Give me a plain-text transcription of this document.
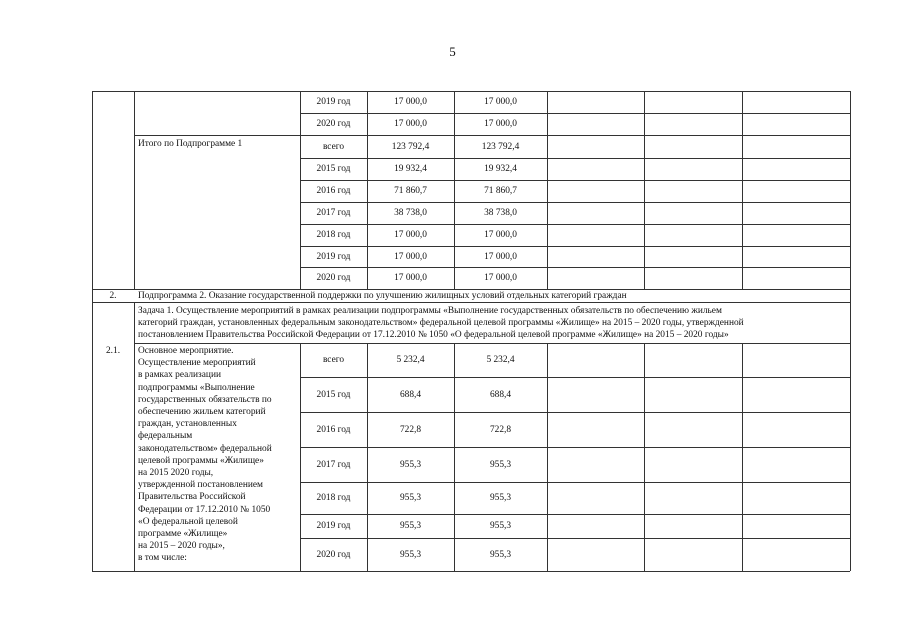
5
2019 год	17 000,0	17 000,0
2020 год	17 000,0	17 000,0
Итого по Подпрограмме 1	всего	123 792,4	123 792,4
2015 год	19 932,4	19 932,4
2016 год	71 860,7	71 860,7
2017 год	38 738,0	38 738,0
2018 год	17 000,0	17 000,0
2019 год	17 000,0	17 000,0
2020 год	17 000,0	17 000,0
2.	Подпрограмма 2. Оказание государственной поддержки по улучшению жилищных условий отдельных категорий граждан
Задача 1. Осуществление мероприятий в рамках реализации подпрограммы «Выполнение государственных обязательств по обеспечению жильем
категорий граждан, установленных федеральным законодательством» федеральной целевой программы «Жилище» на 2015 – 2020 годы, утвержденной
постановлением Правительства Российской Федерации от 17.12.2010 № 1050 «О федеральной целевой программе «Жилище» на 2015 – 2020 годы»
2.1.	Основное мероприятие.
Осуществление мероприятий
в рамках реализации
подпрограммы «Выполнение
государственных обязательств по
обеспечению жильем категорий
граждан, установленных
федеральным
законодательством» федеральной
целевой программы «Жилище»
на 2015 2020 годы,
утвержденной постановлением
Правительства Российской
Федерации от 17.12.2010 № 1050
«О федеральной целевой
программе «Жилище»
на 2015 – 2020 годы»,
в том числе:
всего	5 232,4	5 232,4
2015 год	688,4	688,4
2016 год	722,8	722,8
2017 год	955,3	955,3
2018 год	955,3	955,3
2019 год	955,3	955,3
2020 год	955,3	955,3
